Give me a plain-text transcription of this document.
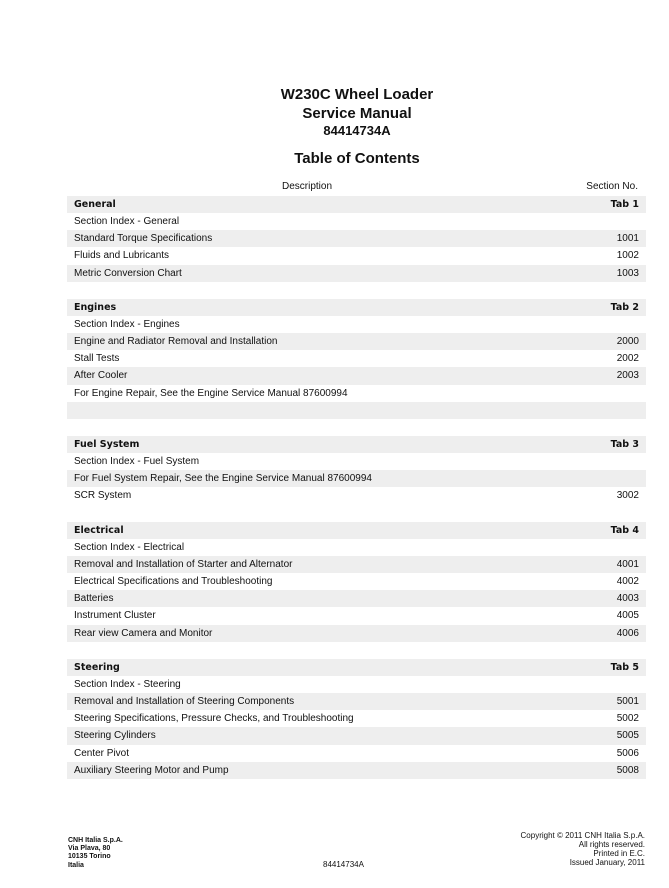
W230C Wheel Loader
Service Manual
84414734A
Table of Contents
Description	Section No.
General	Tab 1
Section Index - General
Standard Torque Specifications	1001
Fluids and Lubricants	1002
Metric Conversion Chart	1003
Engines	Tab 2
Section Index - Engines
Engine and Radiator Removal and Installation	2000
Stall Tests	2002
After Cooler	2003
For Engine Repair, See the Engine Service Manual 87600994
Fuel System	Tab 3
Section Index - Fuel System
For Fuel System Repair, See the Engine Service Manual 87600994
SCR System	3002
Electrical	Tab 4
Section Index - Electrical
Removal and Installation of Starter and Alternator	4001
Electrical Specifications and Troubleshooting	4002
Batteries	4003
Instrument Cluster	4005
Rear view Camera and Monitor	4006
Steering	Tab 5
Section Index - Steering
Removal and Installation of Steering Components	5001
Steering Specifications, Pressure Checks, and Troubleshooting	5002
Steering Cylinders	5005
Center Pivot	5006
Auxiliary Steering Motor and Pump	5008
CNH Italia S.p.A.
Via Plava, 80
10135 Torino
Italia	84414734A
Copyright © 2011 CNH Italia S.p.A.
All rights reserved.
Printed in E.C.
Issued January, 2011
